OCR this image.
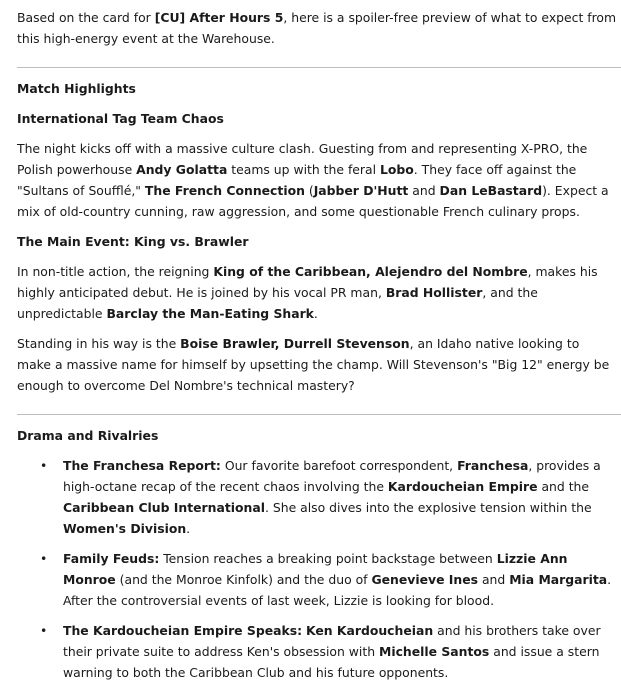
Based on the card for [CU] After Hours 5, here is a spoiler-free preview of what to expect from this high-energy event at the Warehouse.

Match Highlights

International Tag Team Chaos

The night kicks off with a massive culture clash. Guesting from and representing X-PRO, the Polish powerhouse Andy Golatta teams up with the feral Lobo. They face off against the "Sultans of Soufflé," The French Connection (Jabber D'Hutt and Dan LeBastard). Expect a mix of old-country cunning, raw aggression, and some questionable French culinary props.

The Main Event: King vs. Brawler

In non-title action, the reigning King of the Caribbean, Alejendro del Nombre, makes his highly anticipated debut. He is joined by his vocal PR man, Brad Hollister, and the unpredictable Barclay the Man-Eating Shark.

Standing in his way is the Boise Brawler, Durrell Stevenson, an Idaho native looking to make a massive name for himself by upsetting the champ. Will Stevenson's "Big 12" energy be enough to overcome Del Nombre's technical mastery?

Drama and Rivalries

• The Franchesa Report: Our favorite barefoot correspondent, Franchesa, provides a high-octane recap of the recent chaos involving the Kardoucheian Empire and the Caribbean Club International. She also dives into the explosive tension within the Women's Division.
• Family Feuds: Tension reaches a breaking point backstage between Lizzie Ann Monroe (and the Monroe Kinfolk) and the duo of Genevieve Ines and Mia Margarita. After the controversial events of last week, Lizzie is looking for blood.
• The Kardoucheian Empire Speaks: Ken Kardoucheian and his brothers take over their private suite to address Ken's obsession with Michelle Santos and issue a stern warning to both the Caribbean Club and his future opponents.
